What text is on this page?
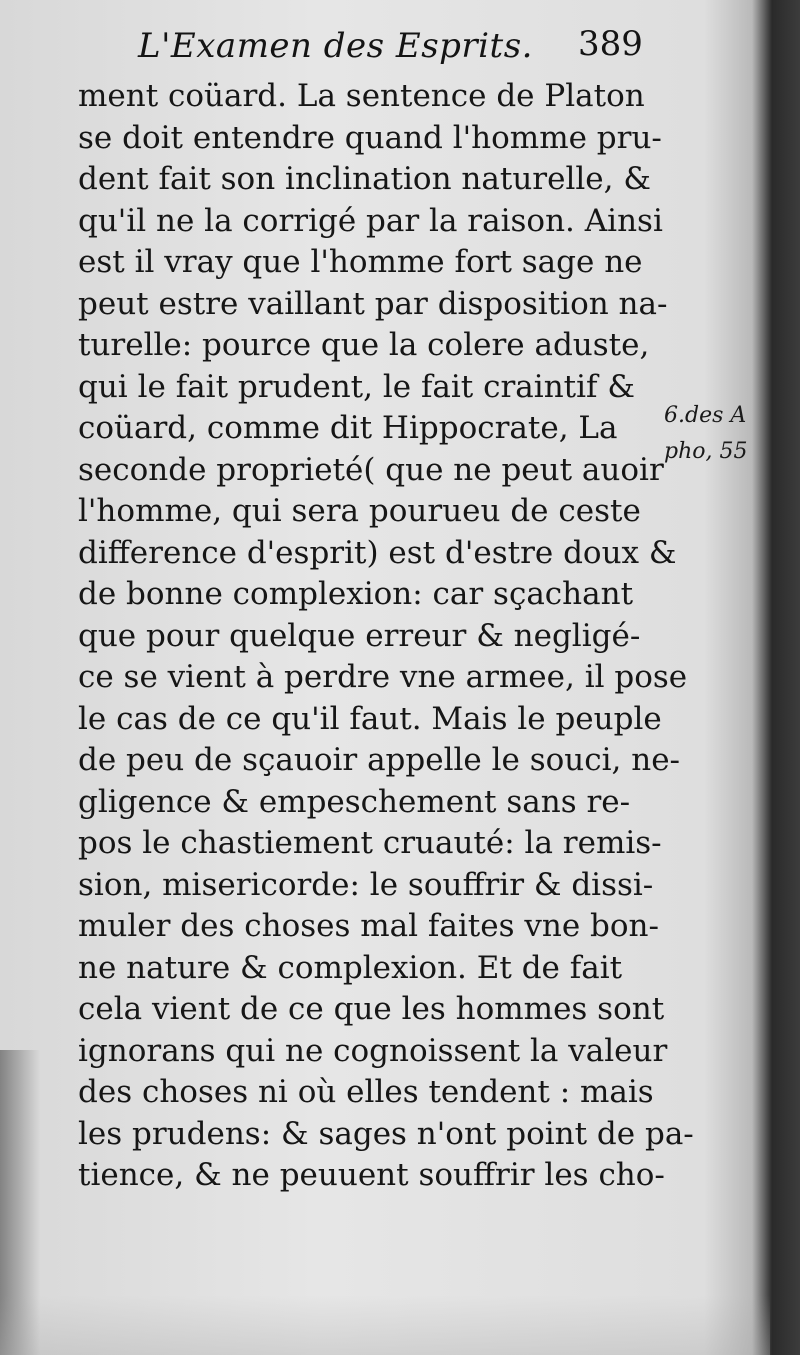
L'Examen des Esprits. 389
ment coüard. La sentence de Platon
se doit entendre quand l'homme pru-
dent fait son inclination naturelle, &
qu'il ne la corrigé par la raison. Ainsi
est il vray que l'homme fort sage ne
peut estre vaillant par disposition na-
turelle: pource que la colere aduste,
qui le fait prudent, le fait craintif &
coüard, comme dit Hippocrate, La
seconde proprieté( que ne peut auoir
l'homme, qui sera pourueu de ceste
difference d'esprit) est d'estre doux &
de bonne complexion: car sçachant
que pour quelque erreur & negligé-
ce se vient à perdre vne armee, il pose
le cas de ce qu'il faut. Mais le peuple
de peu de sçauoir appelle le souci, ne-
gligence & empeschement sans re-
pos le chastiement cruauté: la remis-
sion, misericorde: le souffrir & dissi-
muler des choses mal faites vne bon-
ne nature & complexion. Et de fait
cela vient de ce que les hommes sont
ignorans qui ne cognoissent la valeur
des choses ni où elles tendent : mais
les prudens: & sages n'ont point de pa-
tience, & ne peuuent souffrir les cho-
6.des A
pho, 55
